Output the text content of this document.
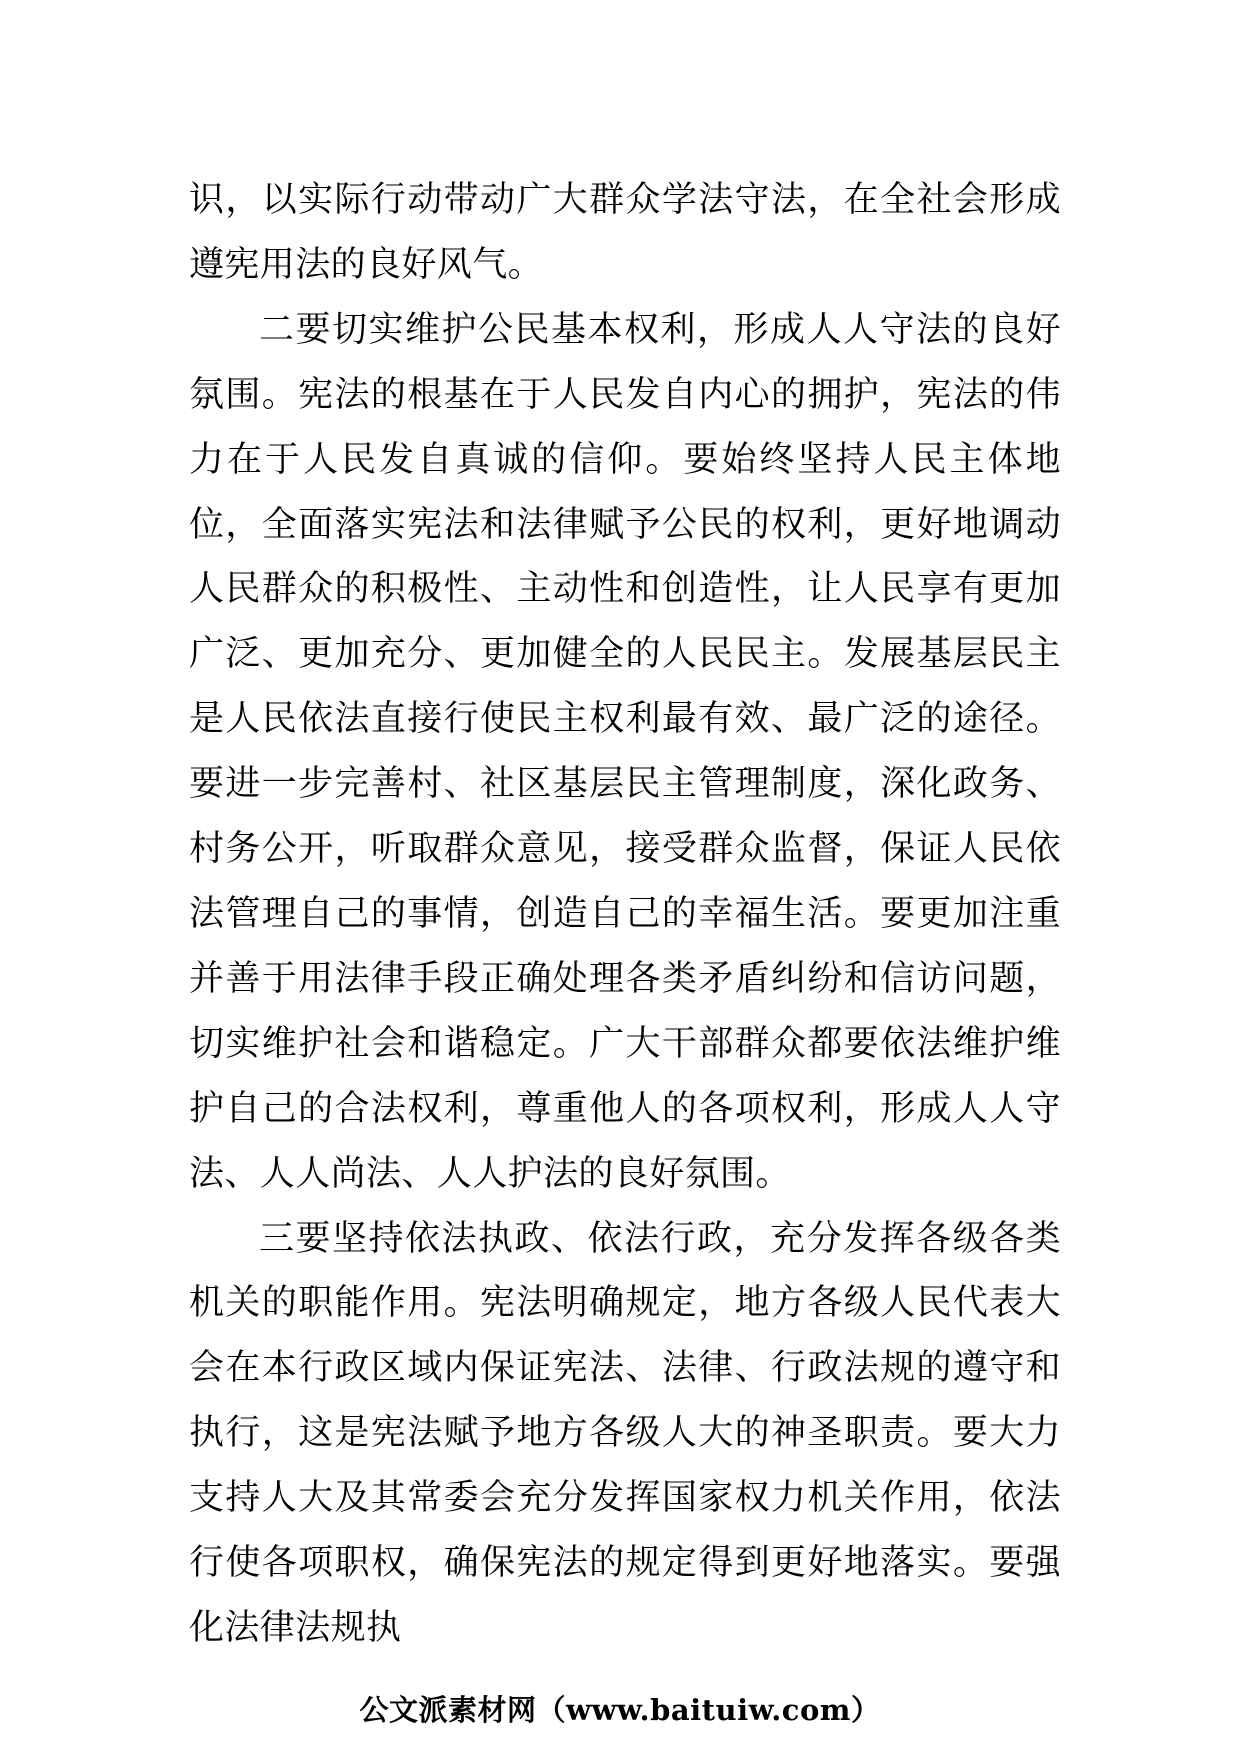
识，以实际行动带动广大群众学法守法，在全社会形成遵宪用法的良好风气。

二要切实维护公民基本权利，形成人人守法的良好氛围。宪法的根基在于人民发自内心的拥护，宪法的伟力在于人民发自真诚的信仰。要始终坚持人民主体地位，全面落实宪法和法律赋予公民的权利，更好地调动人民群众的积极性、主动性和创造性，让人民享有更加广泛、更加充分、更加健全的人民民主。发展基层民主是人民依法直接行使民主权利最有效、最广泛的途径。要进一步完善村、社区基层民主管理制度，深化政务、村务公开，听取群众意见，接受群众监督，保证人民依法管理自己的事情，创造自己的幸福生活。要更加注重并善于用法律手段正确处理各类矛盾纠纷和信访问题，切实维护社会和谐稳定。广大干部群众都要依法维护维护自己的合法权利，尊重他人的各项权利，形成人人守法、人人尚法、人人护法的良好氛围。

三要坚持依法执政、依法行政，充分发挥各级各类机关的职能作用。宪法明确规定，地方各级人民代表大会在本行政区域内保证宪法、法律、行政法规的遵守和执行，这是宪法赋予地方各级人大的神圣职责。要大力支持人大及其常委会充分发挥国家权力机关作用，依法行使各项职权，确保宪法的规定得到更好地落实。要强化法律法规执

公文派素材网（www.baituiw.com）
